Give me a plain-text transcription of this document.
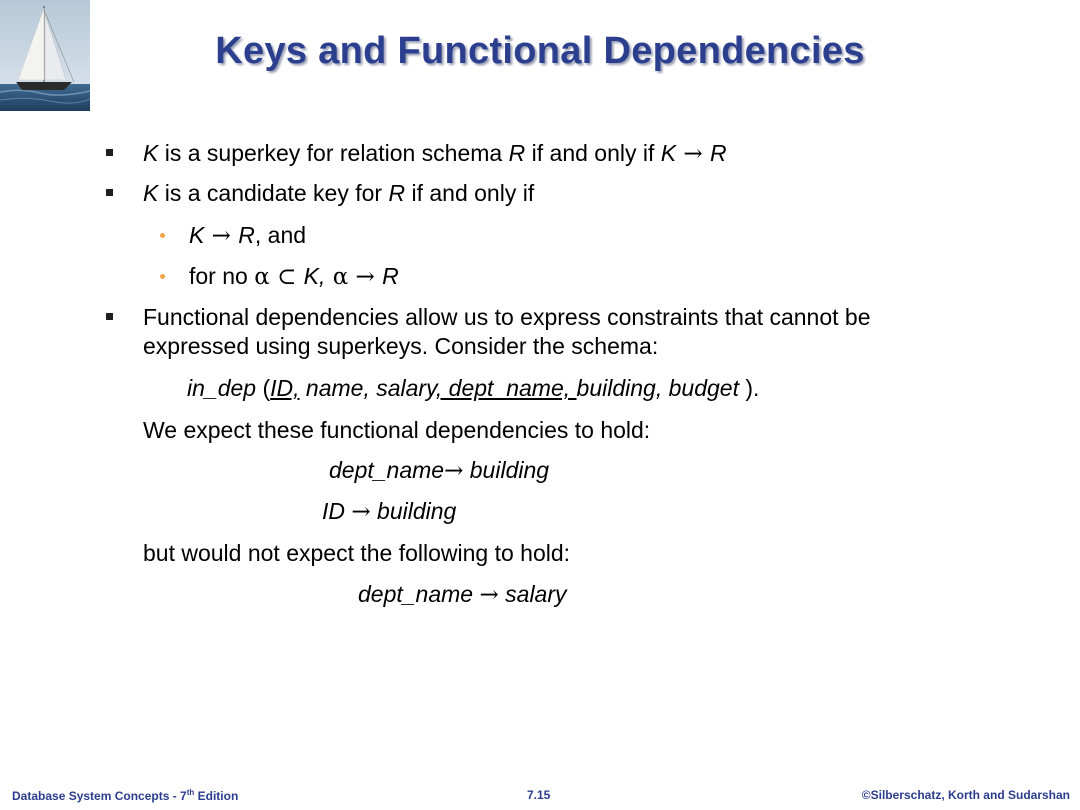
Keys and Functional Dependencies
K is a superkey for relation schema R if and only if K → R
K is a candidate key for R if and only if
K → R, and
for no α ⊂ K, α → R
Functional dependencies allow us to express constraints that cannot be
expressed using superkeys. Consider the schema:
in_dep (ID, name, salary, dept_name, building, budget ).
We expect these functional dependencies to hold:
dept_name→ building
ID → building
but would not expect the following to hold:
dept_name → salary
Database System Concepts - 7th Edition	7.15	©Silberschatz, Korth and Sudarshan
